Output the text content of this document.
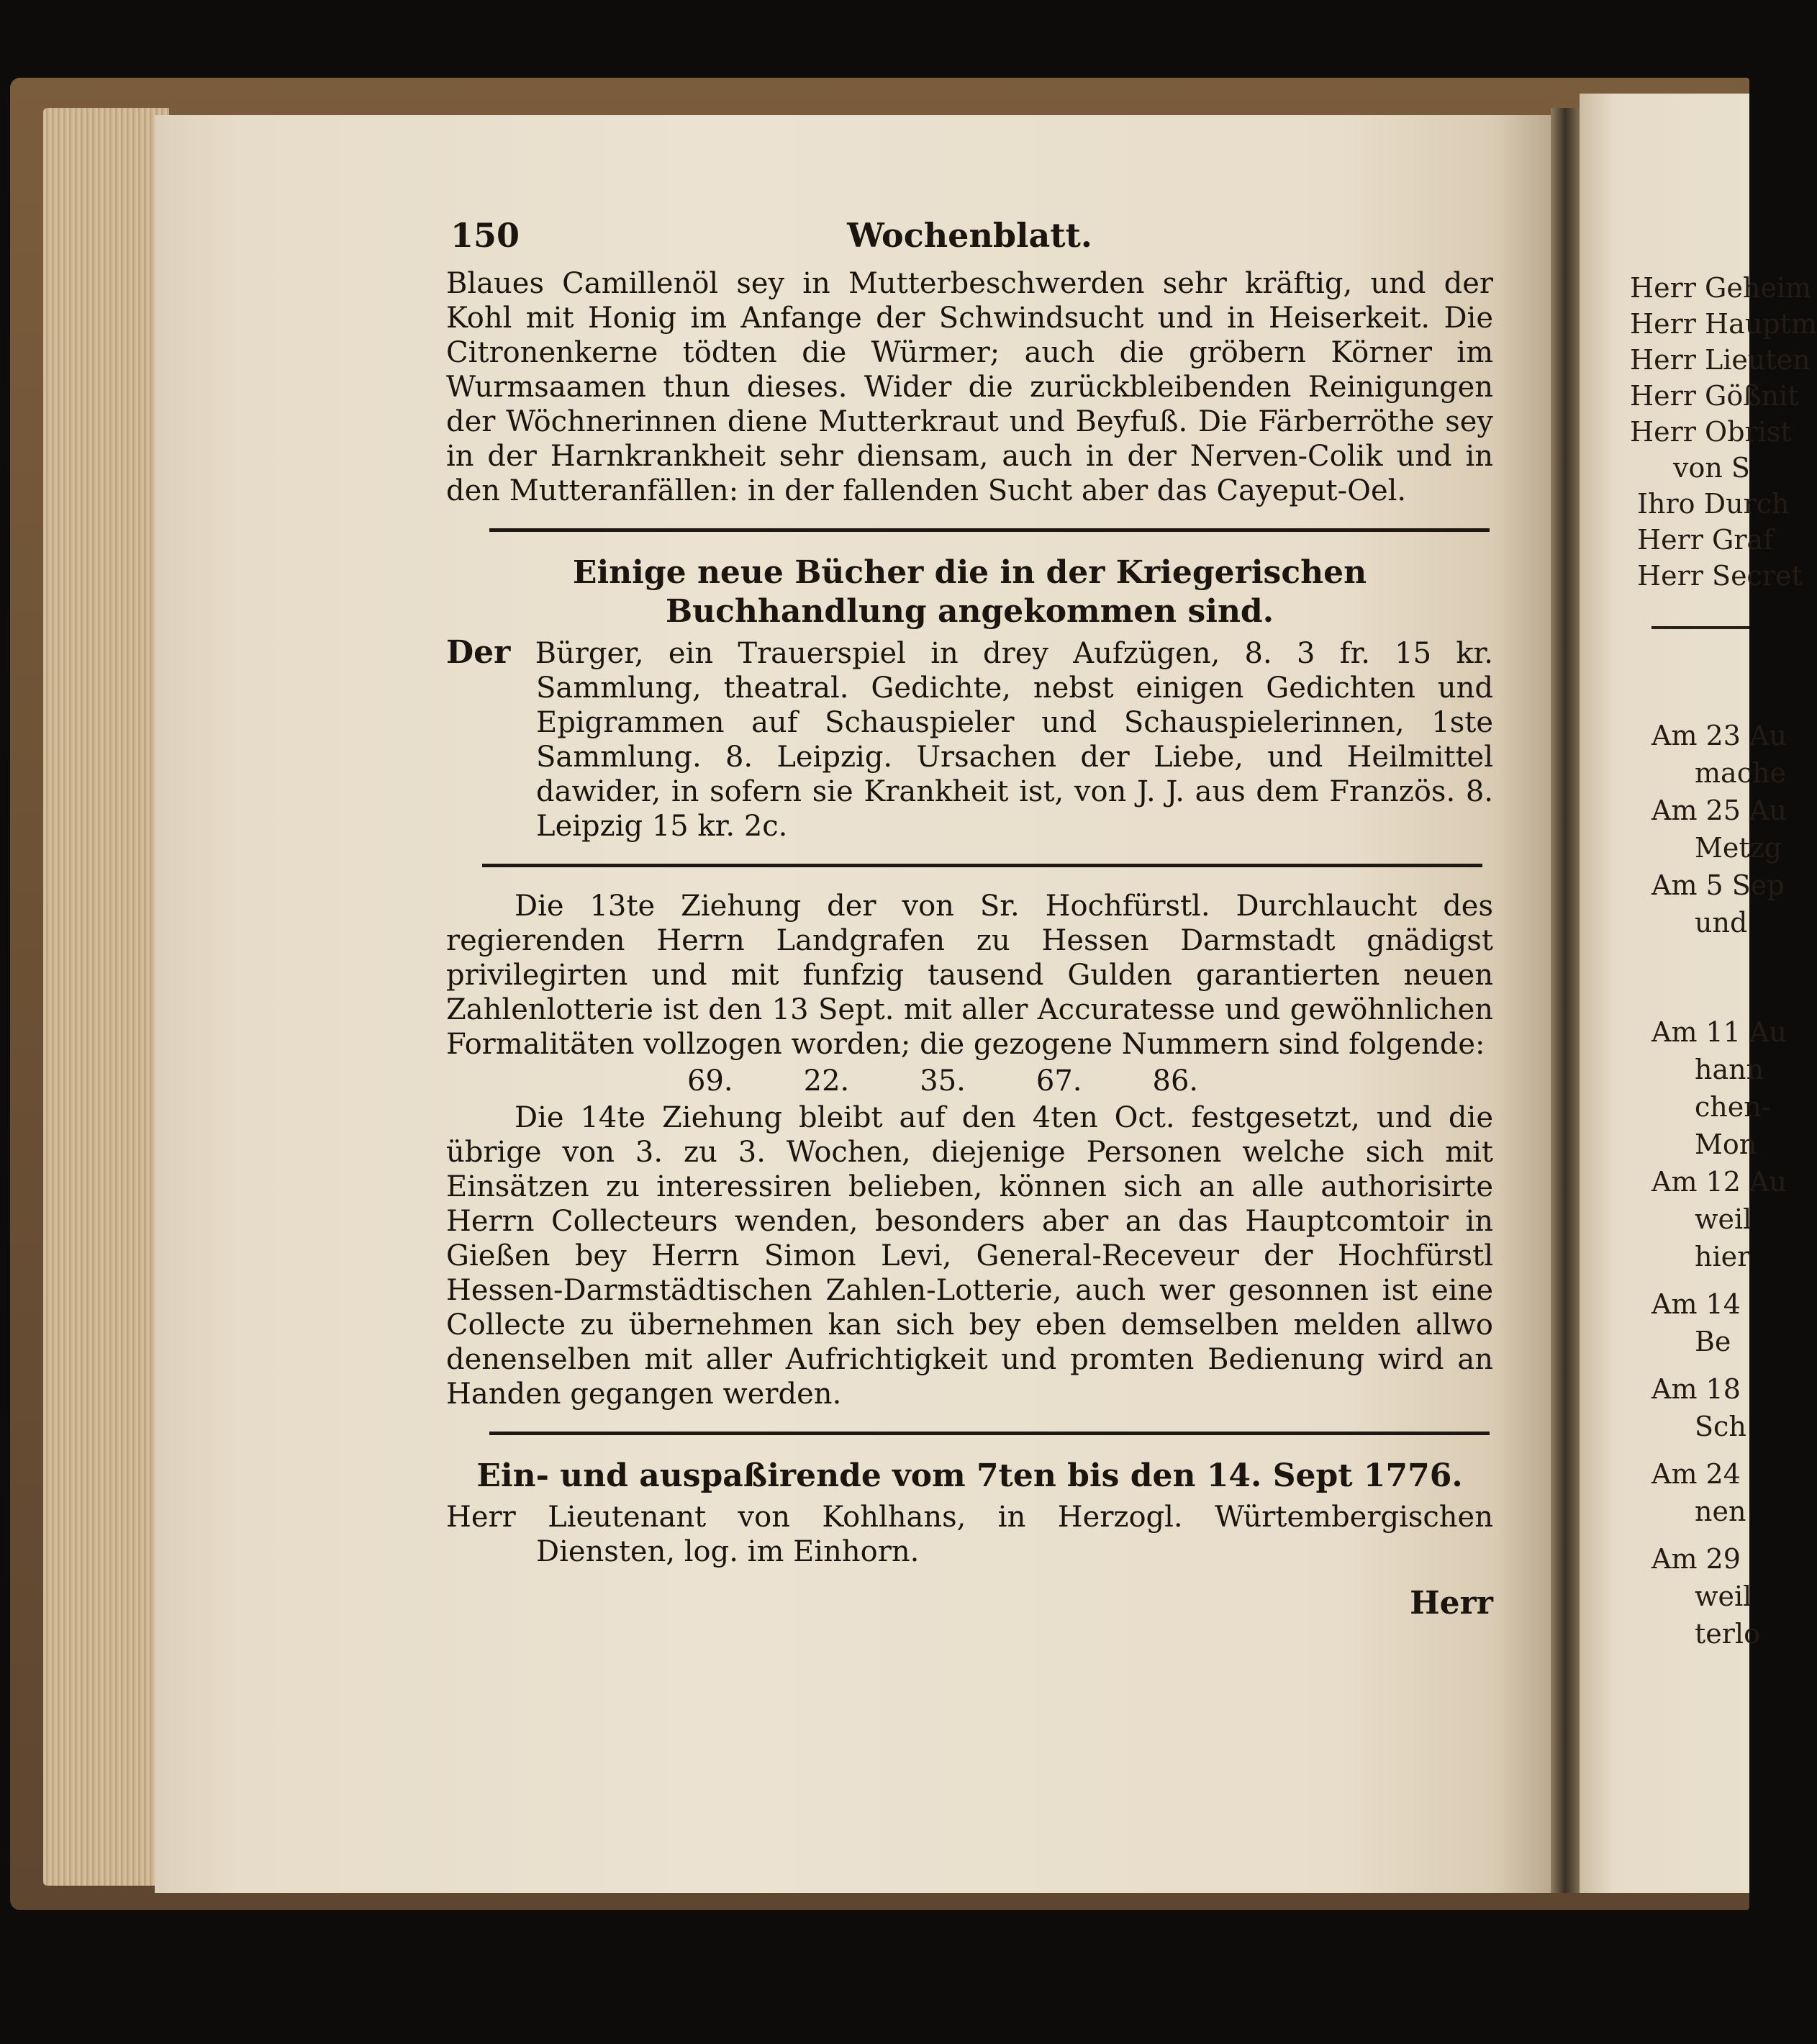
Herr Geheim
Herr Hauptm
Herr Lieuten
Herr Gößnit
Herr Obrist
von S
Ihro Durch
Herr Graf
Herr Secret
Am 23 Au
mache
Am 25 Au
Metzg
Am 5 Sep
und
Am 11 Au
hann
chen-
Mon
Am 12 Au
weil
hier
Am 14
Be
Am 18
Sch
Am 24
nen
Am 29
weil
terlo
150	Wochenblatt.

Blaues Camillenöl sey in Mutterbeschwerden sehr kräftig, und der Kohl mit Honig im Anfange der Schwindsucht und in Heiserkeit. Die Citronenkerne tödten die Würmer; auch die gröbern Körner im Wurmsaamen thun dieses. Wider die zurückbleibenden Reinigungen der Wöchnerinnen diene Mutterkraut und Beyfuß. Die Färberröthe sey in der Harnkrankheit sehr diensam, auch in der Nerven-Colik und in den Mutteranfällen: in der fallenden Sucht aber das Cayeput-Oel.

Einige neue Bücher die in der Kriegerischen Buchhandlung angekommen sind.

Der Bürger, ein Trauerspiel in drey Aufzügen, 8. 3 fr. 15 kr. Sammlung, theatral. Gedichte, nebst einigen Gedichten und Epigrammen auf Schauspieler und Schauspielerinnen, 1ste Sammlung. 8. Leipzig. Ursachen der Liebe, und Heilmittel dawider, in sofern sie Krankheit ist, von J. J. aus dem Französ. 8. Leipzig 15 kr. 2c.

Die 13te Ziehung der von Sr. Hochfürstl. Durchlaucht des regierenden Herrn Landgrafen zu Hessen Darmstadt gnädigst privilegirten und mit funfzig tausend Gulden garantierten neuen Zahlenlotterie ist den 13 Sept. mit aller Accuratesse und gewöhnlichen Formalitäten vollzogen worden; die gezogene Nummern sind folgende:

69. 22. 35. 67. 86.

Die 14te Ziehung bleibt auf den 4ten Oct. festgesetzt, und die übrige von 3. zu 3. Wochen, diejenige Personen welche sich mit Einsätzen zu interessiren belieben, können sich an alle authorisirte Herrn Collecteurs wenden, besonders aber an das Hauptcomtoir in Gießen bey Herrn Simon Levi, General-Receveur der Hochfürstl Hessen-Darmstädtischen Zahlen-Lotterie, auch wer gesonnen ist eine Collecte zu übernehmen kan sich bey eben demselben melden allwo denenselben mit aller Aufrichtigkeit und promten Bedienung wird an Handen gegangen werden.

Ein- und auspaßirende vom 7ten bis den 14. Sept 1776.

Herr Lieutenant von Kohlhans, in Herzogl. Würtembergischen Diensten, log. im Einhorn.

Herr
